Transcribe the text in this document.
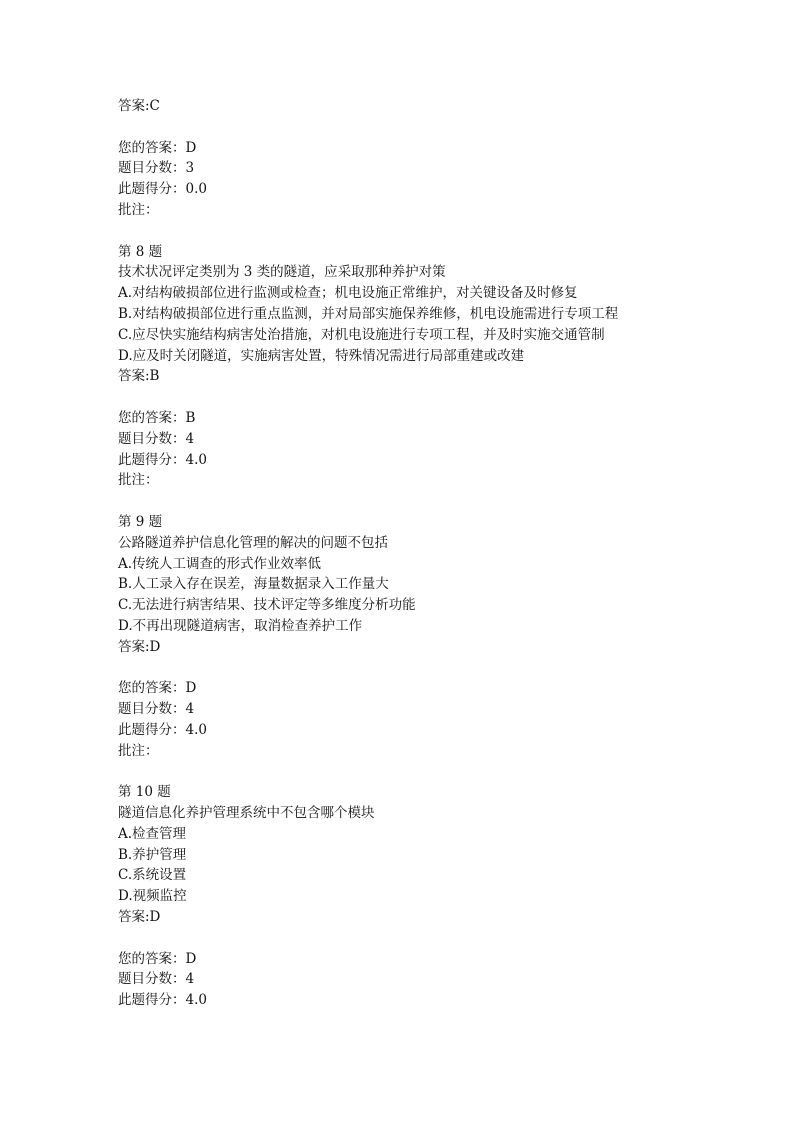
答案:C
您的答案：D
题目分数：3
此题得分：0.0
批注：
第 8 题
技术状况评定类别为 3 类的隧道，应采取那种养护对策
A.对结构破损部位进行监测或检查；机电设施正常维护，对关键设备及时修复
B.对结构破损部位进行重点监测，并对局部实施保养维修，机电设施需进行专项工程
C.应尽快实施结构病害处治措施，对机电设施进行专项工程，并及时实施交通管制
D.应及时关闭隧道，实施病害处置，特殊情况需进行局部重建或改建
答案:B
您的答案：B
题目分数：4
此题得分：4.0
批注：
第 9 题
公路隧道养护信息化管理的解决的问题不包括
A.传统人工调查的形式作业效率低
B.人工录入存在误差，海量数据录入工作量大
C.无法进行病害结果、技术评定等多维度分析功能
D.不再出现隧道病害，取消检查养护工作
答案:D
您的答案：D
题目分数：4
此题得分：4.0
批注：
第 10 题
隧道信息化养护管理系统中不包含哪个模块
A.检查管理
B.养护管理
C.系统设置
D.视频监控
答案:D
您的答案：D
题目分数：4
此题得分：4.0
